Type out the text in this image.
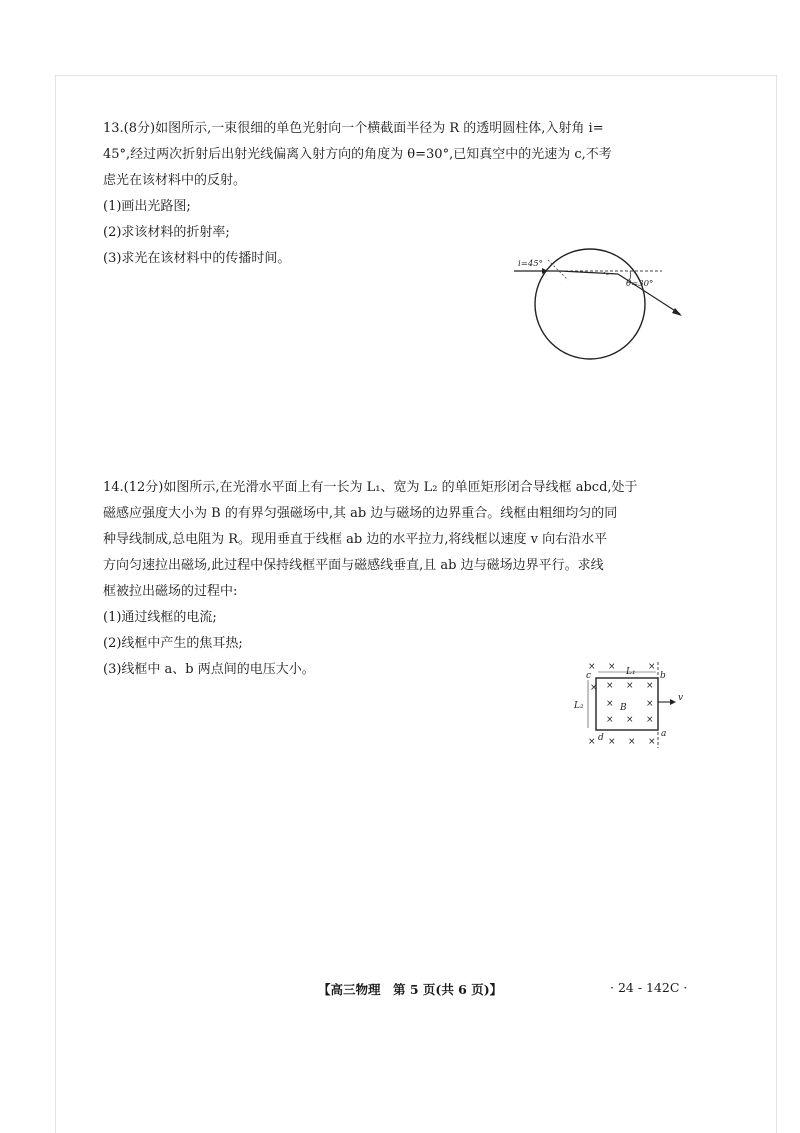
13.(8分)如图所示,一束很细的单色光射向一个横截面半径为 R 的透明圆柱体,入射角 i=

45°,经过两次折射后出射光线偏离入射方向的角度为 θ=30°,已知真空中的光速为 c,不考

虑光在该材料中的反射。

(1)画出光路图;

(2)求该材料的折射率;

(3)求光在该材料中的传播时间。	i=45°
θ=30°

14.(12分)如图所示,在光滑水平面上有一长为 L₁、宽为 L₂ 的单匝矩形闭合导线框 abcd,处于

磁感应强度大小为 B 的有界匀强磁场中,其 ab 边与磁场的边界重合。线框由粗细均匀的同

种导线制成,总电阻为 R。现用垂直于线框 ab 边的水平拉力,将线框以速度 v 向右沿水平

方向匀速拉出磁场,此过程中保持线框平面与磁感线垂直,且 ab 边与磁场边界平行。求线

框被拉出磁场的过程中:

(1)通过线框的电流;

(2)线框中产生的焦耳热;

(3)线框中 a、b 两点间的电压大小。	× ×	×
× × × ×
×	×
× × ×
× × × ×
c	b
d	a
L₁
L₂	B
v
【高三物理　第 5 页(共 6 页)】	· 24 - 142C ·
